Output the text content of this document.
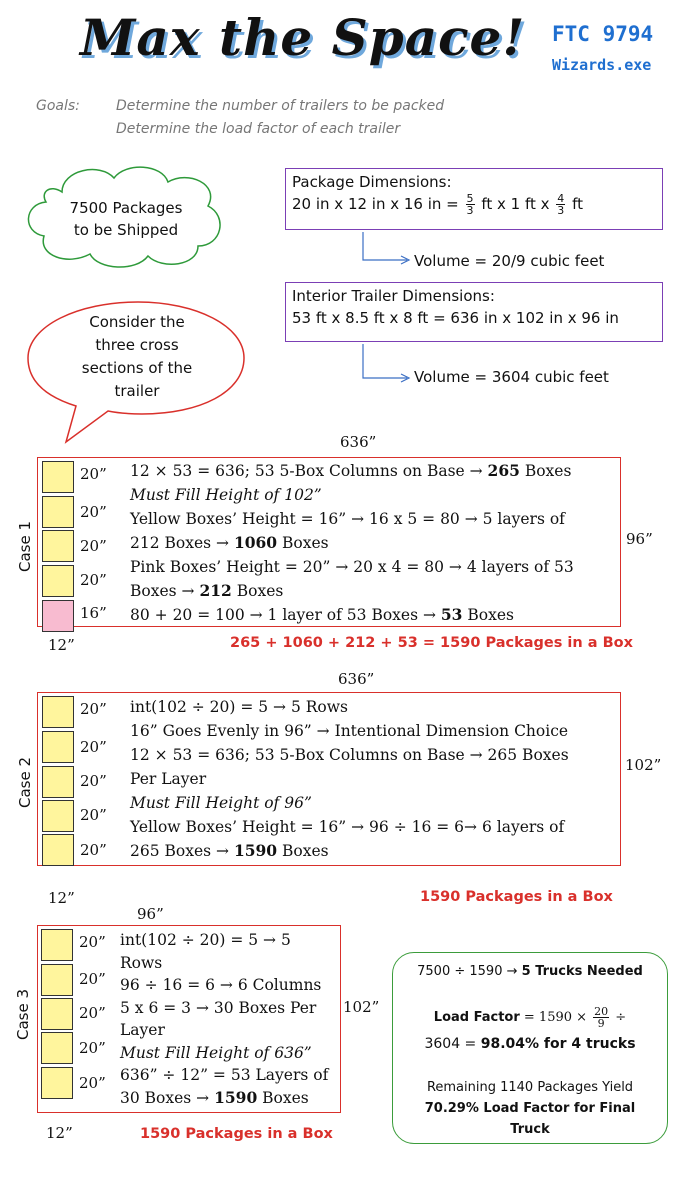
Max the Space! FTC 9794
Wizards.exe
Goals:	Determine the number of trailers to be packed
Determine the load factor of each trailer
7500 Packages
to be Shipped
Consider the
three cross
sections of the
trailer
Package Dimensions:
20 in x 12 in x 16 in = $\frac{5}{3}$ ft x 1 ft x $\frac{4}{3}$ ft
Volume = 20/9 cubic feet
Interior Trailer Dimensions:
53 ft x 8.5 ft x 8 ft = 636 in x 102 in x 96 in
Volume = 3604 cubic feet
636”
Case 1	96”
12”
20”
20”
20”
20”
16”
12 × 53 = 636; 53 5-Box Columns on Base → 265 Boxes
Must Fill Height of 102”
Yellow Boxes’ Height = 16” → 16 x 5 = 80 → 5 layers of
212 Boxes → 1060 Boxes
Pink Boxes’ Height = 20” → 20 x 4 = 80 → 4 layers of 53
Boxes → 212 Boxes
80 + 20 = 100 → 1 layer of 53 Boxes → 53 Boxes
265 + 1060 + 212 + 53 = 1590 Packages in a Box
636”
Case 2	102”
12”
20”
20”
20”
20”
20”
int(102 ÷ 20) = 5 → 5 Rows
16” Goes Evenly in 96” → Intentional Dimension Choice
12 × 53 = 636; 53 5-Box Columns on Base → 265 Boxes
Per Layer
Must Fill Height of 96”
Yellow Boxes’ Height = 16” → 96 ÷ 16 = 6→ 6 layers of
265 Boxes → 1590 Boxes
1590 Packages in a Box
96”
Case 3	102”
12”
20”
20”
20”
20”
20”
int(102 ÷ 20) = 5 → 5
Rows
96 ÷ 16 = 6 → 6 Columns
5 x 6 = 3 → 30 Boxes Per
Layer
Must Fill Height of 636”
636” ÷ 12” = 53 Layers of
30 Boxes → 1590 Boxes
1590 Packages in a Box
7500 ÷ 1590 → 5 Trucks Needed
Load Factor = $1590 \times \frac{20}{9}$ ÷
3604 = 98.04% for 4 trucks
Remaining 1140 Packages Yield
70.29% Load Factor for Final
Truck
